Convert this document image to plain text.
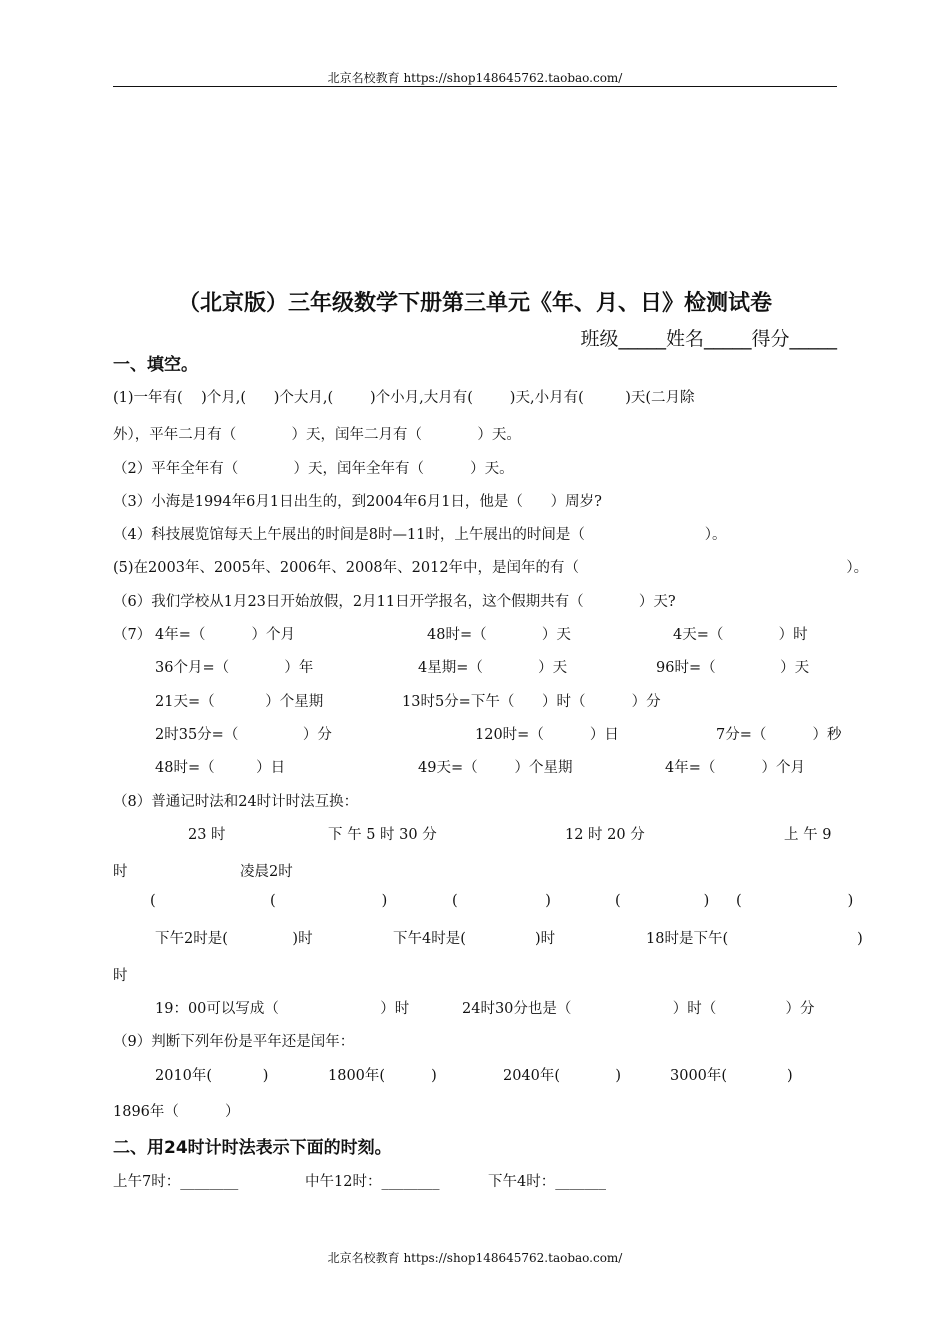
北京名校教育 https://shop148645762.taobao.com/
（北京版）三年级数学下册第三单元《年、月、日》检测试卷
班级_____姓名_____得分_____
一、填空。
(1)一年有(    )个月,(      )个大月,(        )个小月,大月有(        )天,小月有(         )天(二月除
外），平年二月有（            ）天，闰年二月有（            ）天。
（2）平年全年有（            ）天，闰年全年有（          ）天。
（3）小海是1994年6月1日出生的，到2004年6月1日，他是（      ）周岁?
（4）科技展览馆每天上午展出的时间是8时—11时，上午展出的时间是（                          ）。
(5)在2003年、2005年、2006年、2008年、2012年中，是闰年的有（                                                          ）。
（6）我们学校从1月23日开始放假，2月11日开学报名，这个假期共有（            ）天?
（7） 4年=（          ）个月	48时=（            ）天	4天=（            ）时
36个月=（            ）年	4星期=（            ）天	96时=（              ）天
21天=（           ）个星期	13时5分=下午（      ）时（          ）分
2时35分=（              ）分	120时=（          ）日	7分=（          ）秒
48时=（         ）日	49天=（        ）个星期	4年=（          ）个月
（8）普通记时法和24时计时法互换：
23 时	下 午 5 时 30 分	12 时 20 分	上 午 9
时	凌晨2时
(	(                       )	(                   )	(                  ) (                       )
下午2时是(              )时	下午4时是(               )时	18时是下午(                            )
时
19：00可以写成（                      ）时	24时30分也是（                      ）时（               ）分
（9）判断下列年份是平年还是闰年：
2010年(           )	1800年(          )	2040年(            )	3000年(             )
1896年（          ）
二、用24时计时法表示下面的时刻。
上午7时：________	中午12时：________	下午4时：_______
北京名校教育 https://shop148645762.taobao.com/
